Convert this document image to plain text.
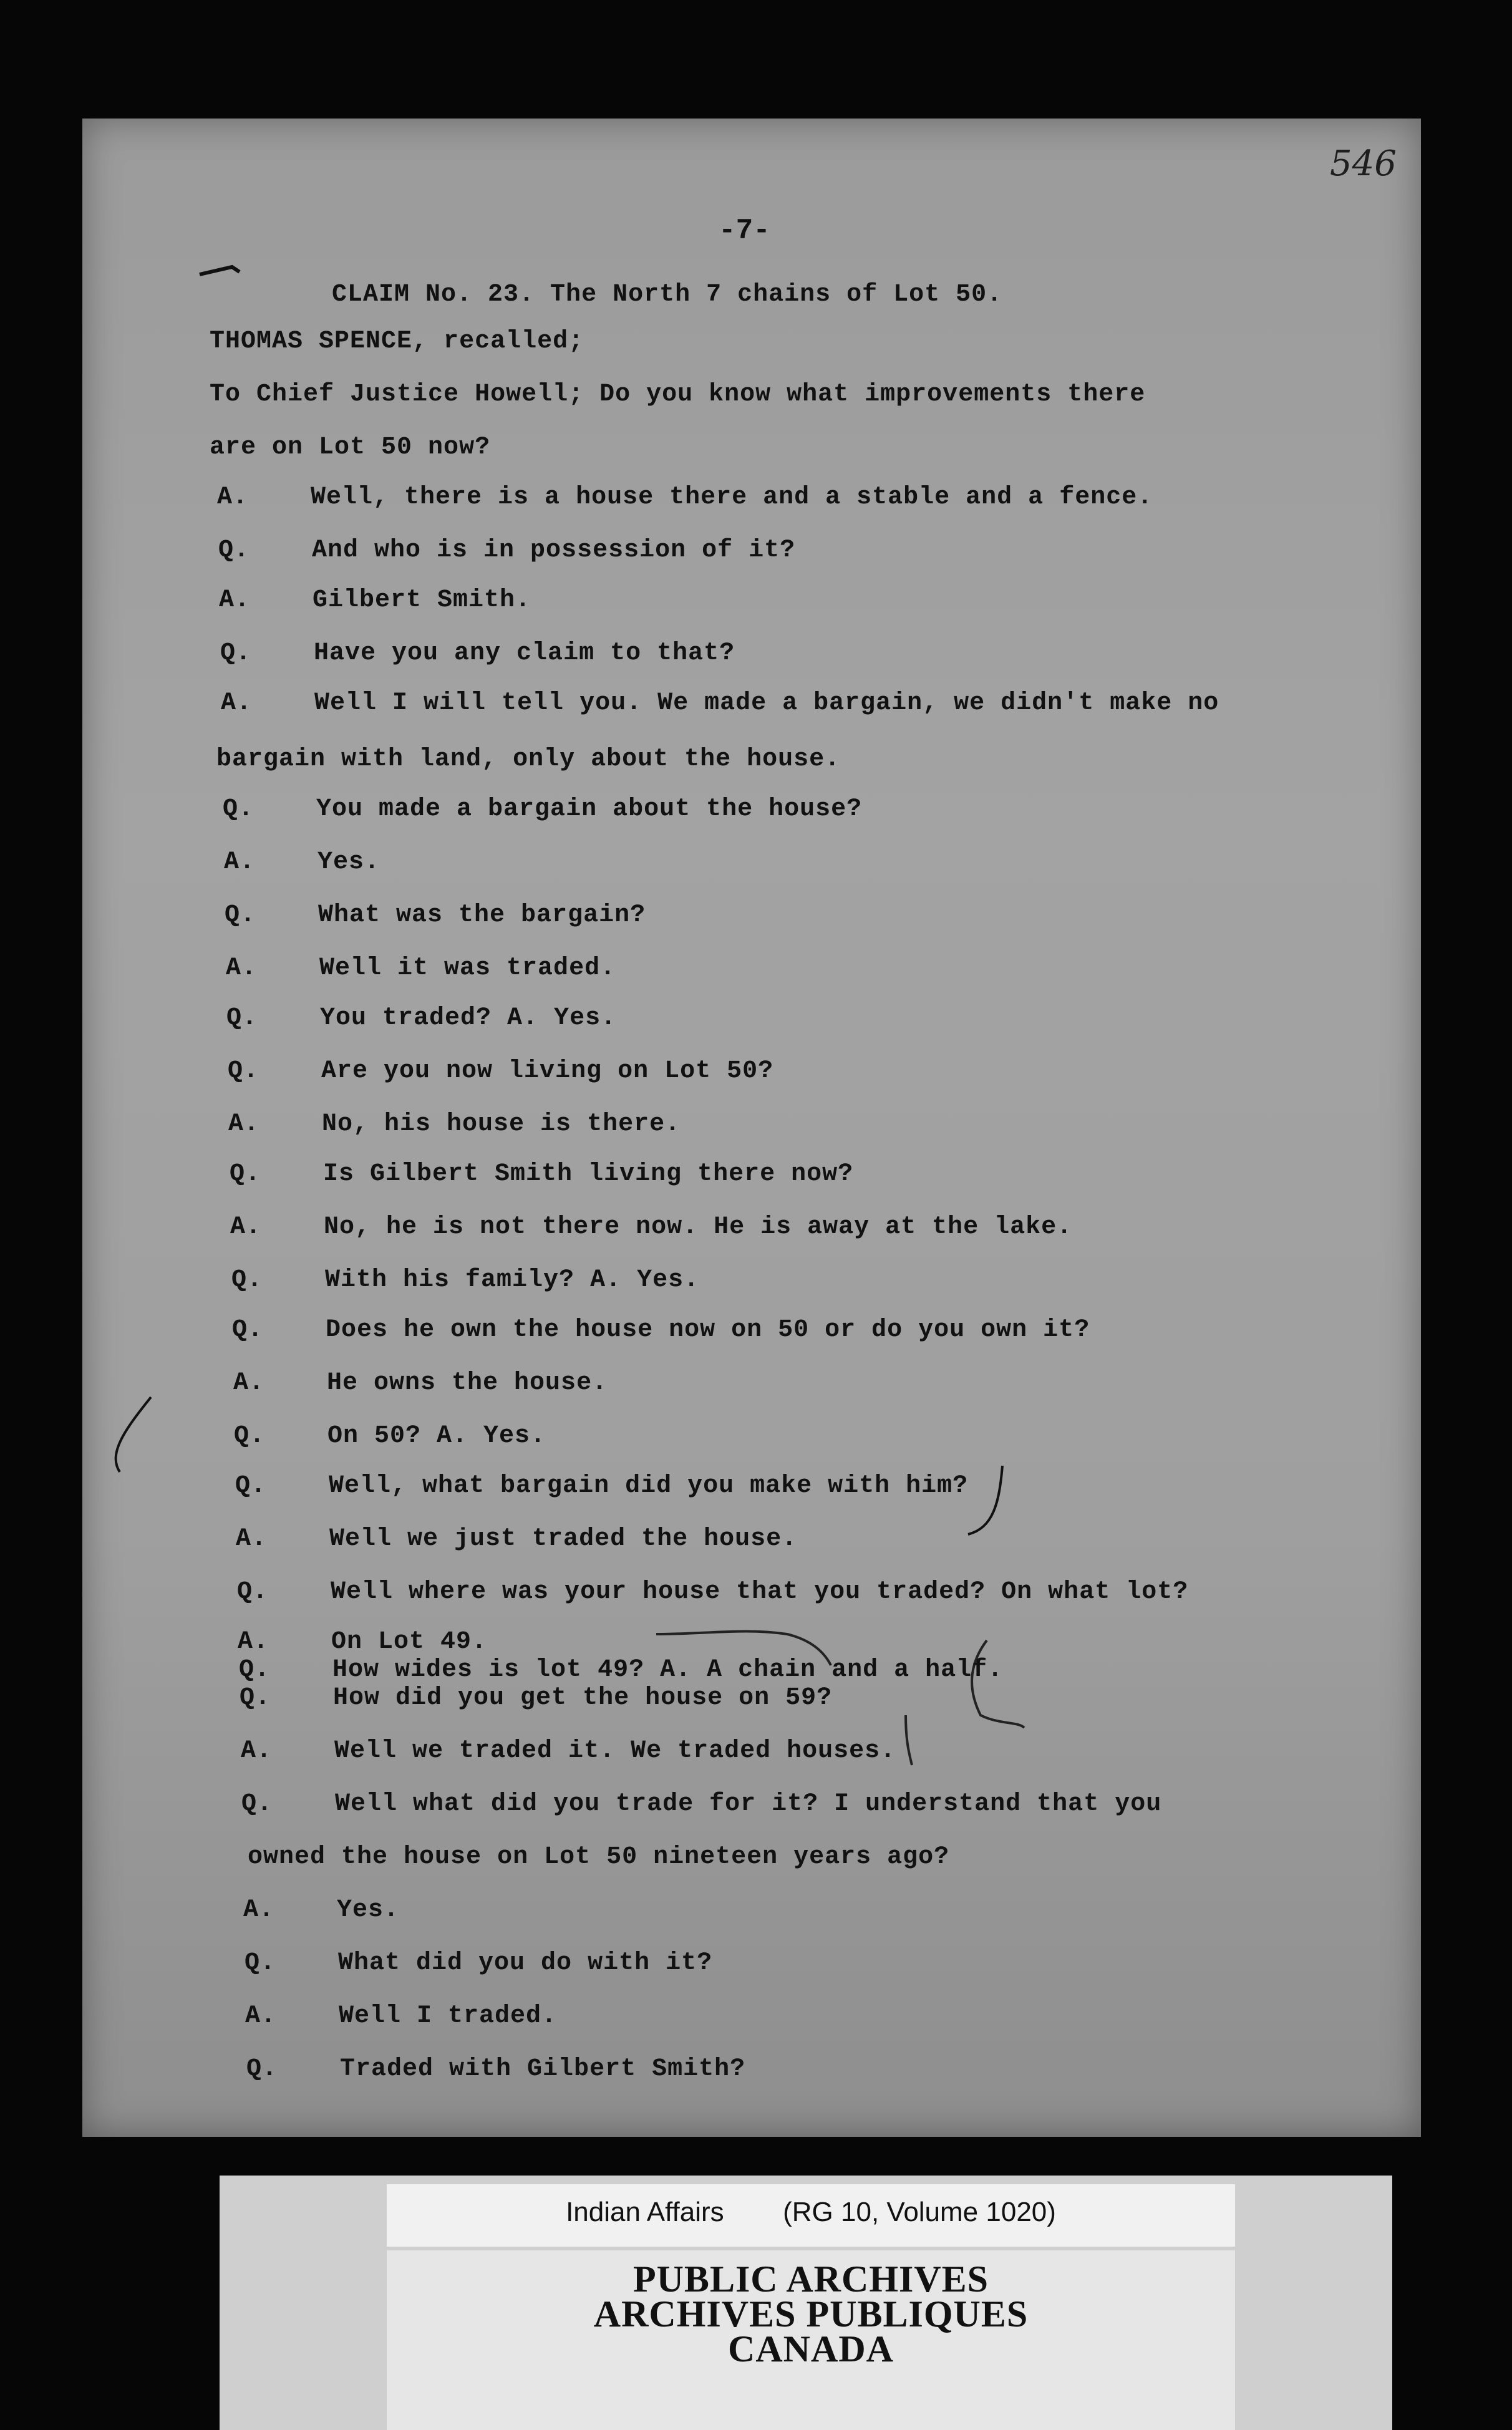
546
-7-
CLAIM No. 23. The North 7 chains of Lot 50.
THOMAS SPENCE, recalled;
To Chief Justice Howell; Do you know what improvements there
are on Lot 50 now?
A. Well, there is a house there and a stable and a fence.
Q. And who is in possession of it?
A. Gilbert Smith.
Q. Have you any claim to that?
A. Well I will tell you. We made a bargain, we didn't make no
bargain with land, only about the house.
Q. You made a bargain about the house?
A. Yes.
Q. What was the bargain?
A. Well it was traded.
Q. You traded? A. Yes.
Q. Are you now living on Lot 50?
A. No, his house is there.
Q. Is Gilbert Smith living there now?
A. No, he is not there now. He is away at the lake.
Q. With his family? A. Yes.
Q. Does he own the house now on 50 or do you own it?
A. He owns the house.
Q. On 50? A. Yes.
Q. Well, what bargain did you make with him?
A. Well we just traded the house.
Q. Well where was your house that you traded? On what lot?
A. On Lot 49.
Q. How wides is lot 49? A. A chain and a half.
Q. How did you get the house on 59?
A. Well we traded it. We traded houses.
Q. Well what did you trade for it? I understand that you
owned the house on Lot 50 nineteen years ago?
A. Yes.
Q. What did you do with it?
A. Well I traded.
Q. Traded with Gilbert Smith?
Indian Affairs (RG 10, Volume 1020)
PUBLIC ARCHIVES
ARCHIVES PUBLIQUES
CANADA
